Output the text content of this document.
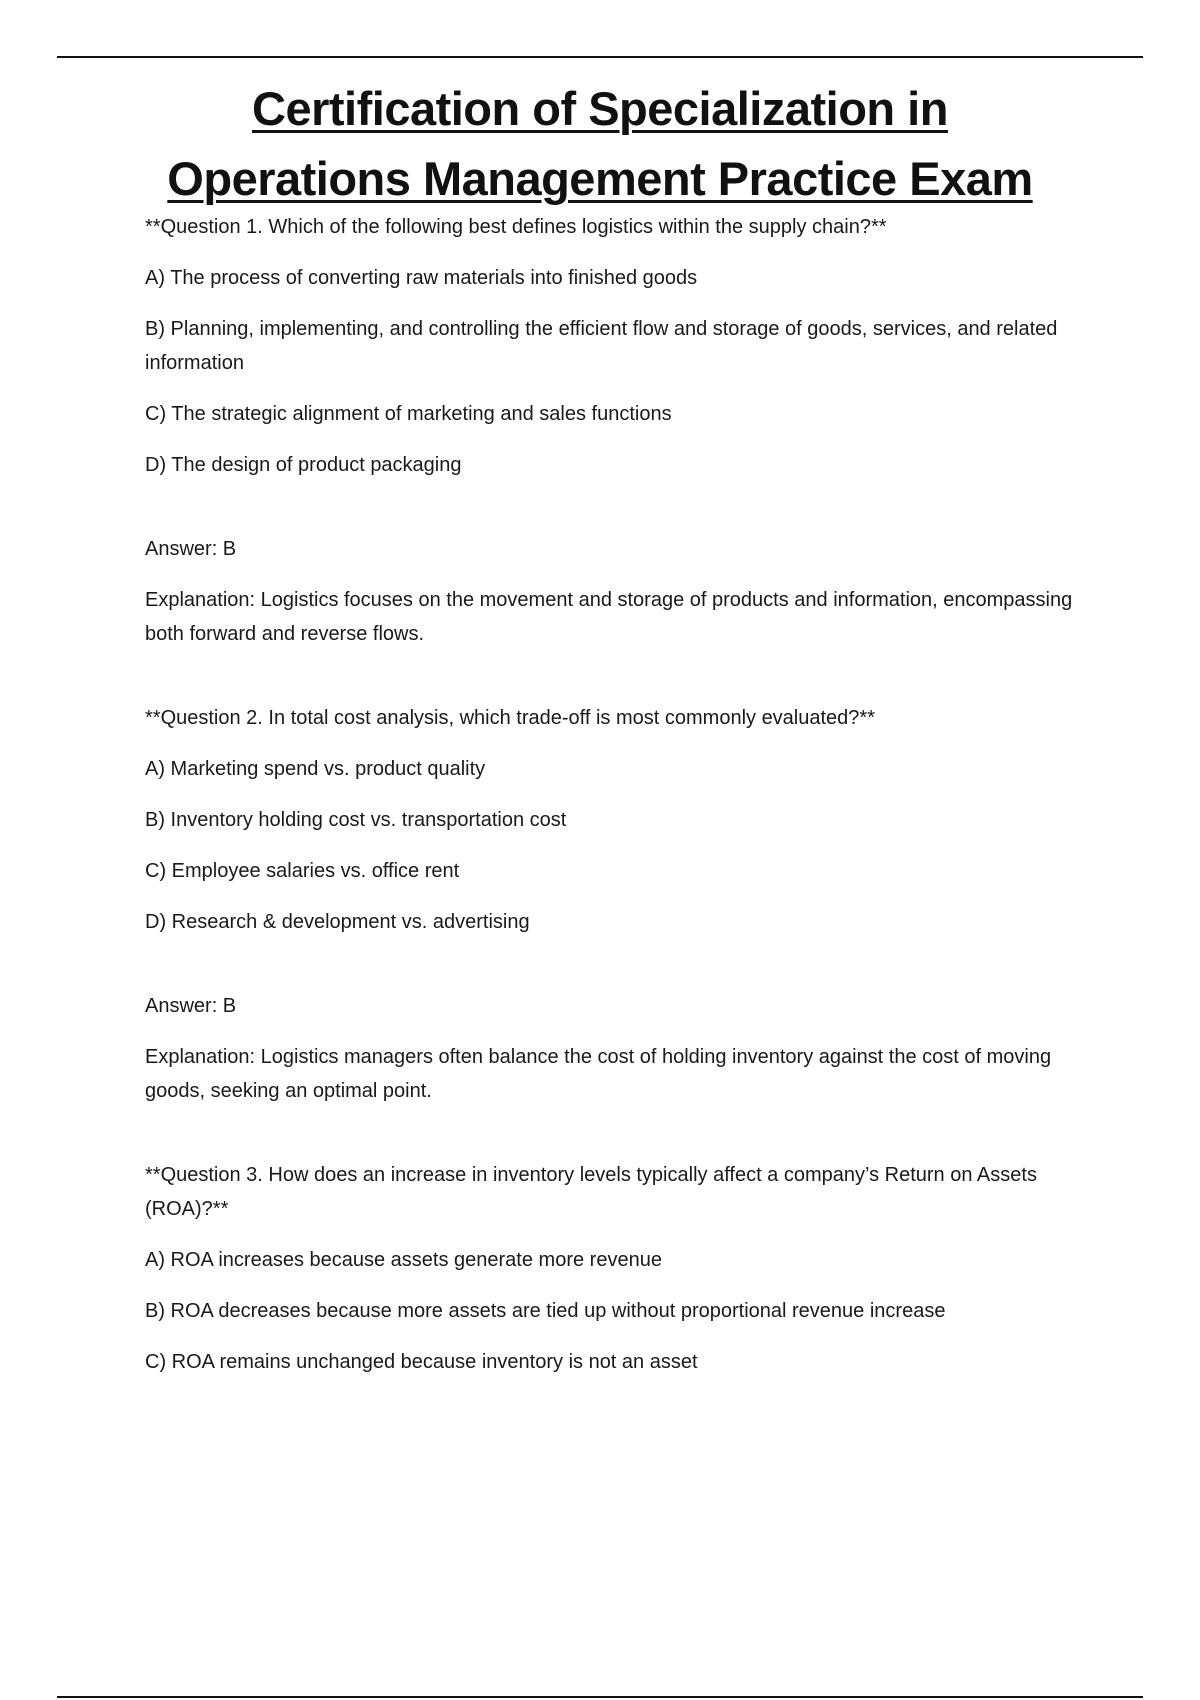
Certification of Specialization in
Operations Management Practice Exam

**Question 1. Which of the following best defines logistics within the supply chain?**

A) The process of converting raw materials into finished goods

B) Planning, implementing, and controlling the efficient flow and storage of goods, services, and related information

C) The strategic alignment of marketing and sales functions

D) The design of product packaging

Answer: B

Explanation: Logistics focuses on the movement and storage of products and information, encompassing both forward and reverse flows.

**Question 2. In total cost analysis, which trade-off is most commonly evaluated?**

A) Marketing spend vs. product quality

B) Inventory holding cost vs. transportation cost

C) Employee salaries vs. office rent

D) Research & development vs. advertising

Answer: B

Explanation: Logistics managers often balance the cost of holding inventory against the cost of moving goods, seeking an optimal point.

**Question 3. How does an increase in inventory levels typically affect a company’s Return on Assets (ROA)?**

A) ROA increases because assets generate more revenue

B) ROA decreases because more assets are tied up without proportional revenue increase

C) ROA remains unchanged because inventory is not an asset
